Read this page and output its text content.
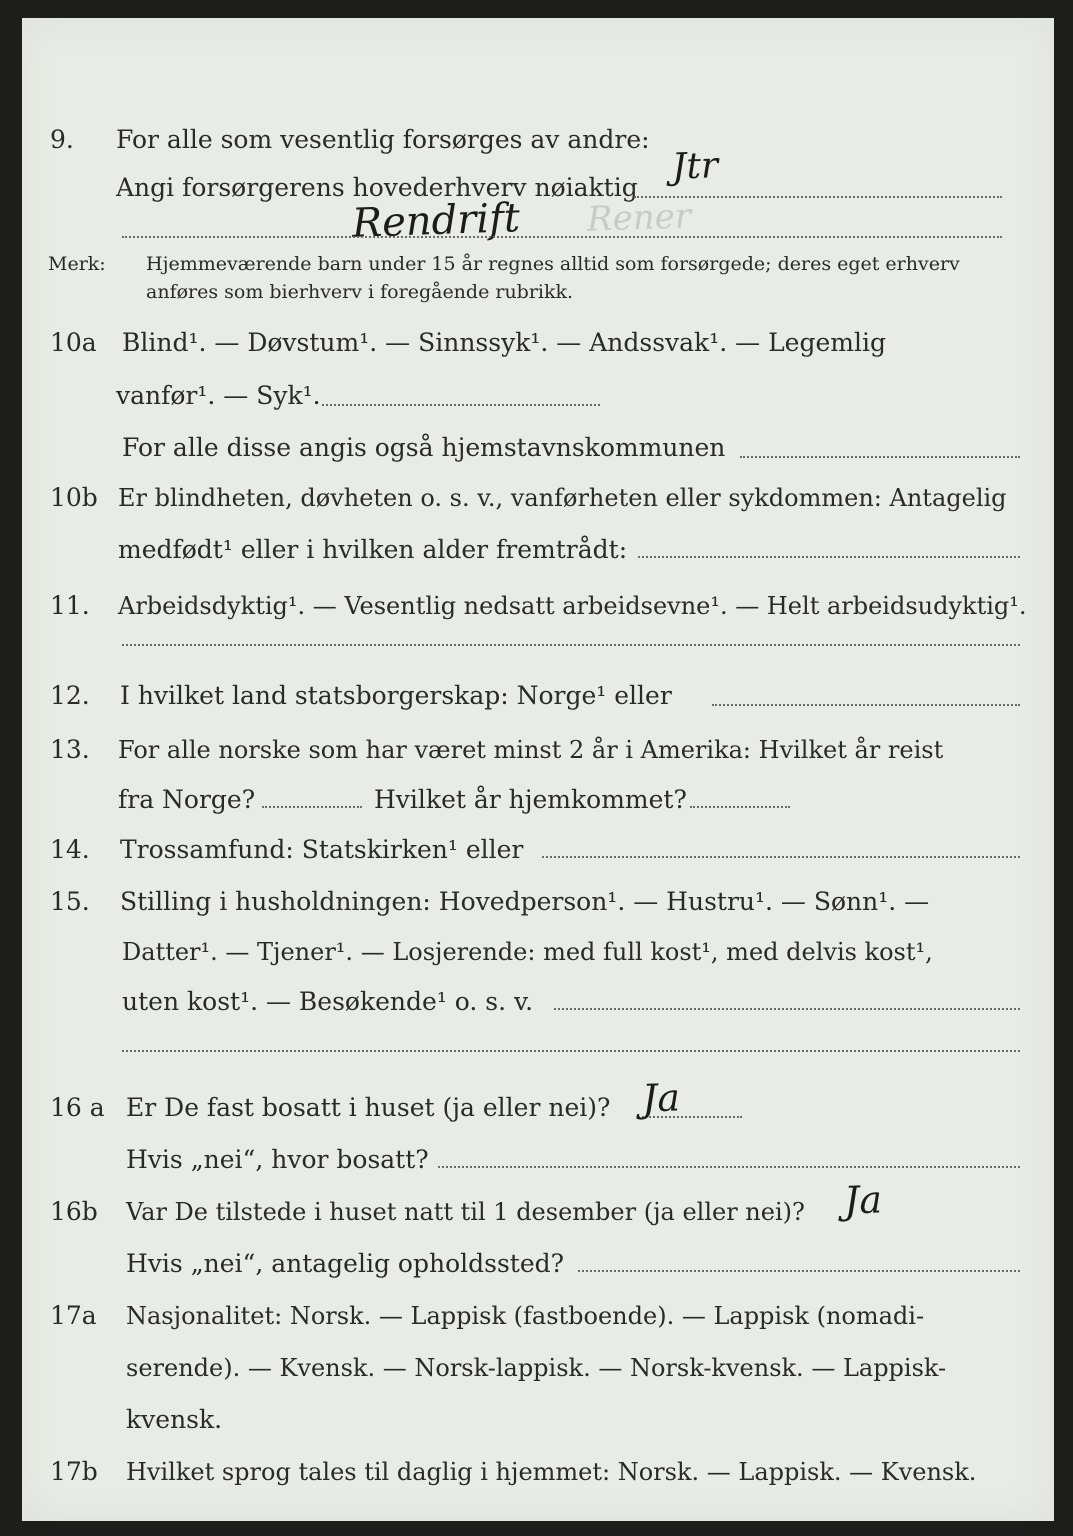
9. For alle som vesentlig forsørges av andre:
Angi forsørgerens hovederhverv nøiaktig Jtr
Rendrift Rener
Merk: Hjemmeværende barn under 15 år regnes alltid som forsørgede; deres eget erhverv
anføres som bierhverv i foregående rubrikk.
10a Blind¹. — Døvstum¹. — Sinnssyk¹. — Andssvak¹. — Legemlig
vanfør¹. — Syk¹.
For alle disse angis også hjemstavnskommunen
10b Er blindheten, døvheten o. s. v., vanførheten eller sykdommen: Antagelig
medfødt¹ eller i hvilken alder fremtrådt:
11. Arbeidsdyktig¹. — Vesentlig nedsatt arbeidsevne¹. — Helt arbeidsudyktig¹.
12. I hvilket land statsborgerskap: Norge¹ eller
13. For alle norske som har været minst 2 år i Amerika: Hvilket år reist
fra Norge?	Hvilket år hjemkommet?
14. Trossamfund: Statskirken¹ eller
15. Stilling i husholdningen: Hovedperson¹. — Hustru¹. — Sønn¹. —
Datter¹. — Tjener¹. — Losjerende: med full kost¹, med delvis kost¹,
uten kost¹. — Besøkende¹ o. s. v.
16 a Er De fast bosatt i huset (ja eller nei)? Ja
Hvis „nei“, hvor bosatt?
16b Var De tilstede i huset natt til 1 desember (ja eller nei)? Ja
Hvis „nei“, antagelig opholdssted?
17a Nasjonalitet: Norsk. — Lappisk (fastboende). — Lappisk (nomadi-
serende). — Kvensk. — Norsk-lappisk. — Norsk-kvensk. — Lappisk-
kvensk.
17b Hvilket sprog tales til daglig i hjemmet: Norsk. — Lappisk. — Kvensk.
